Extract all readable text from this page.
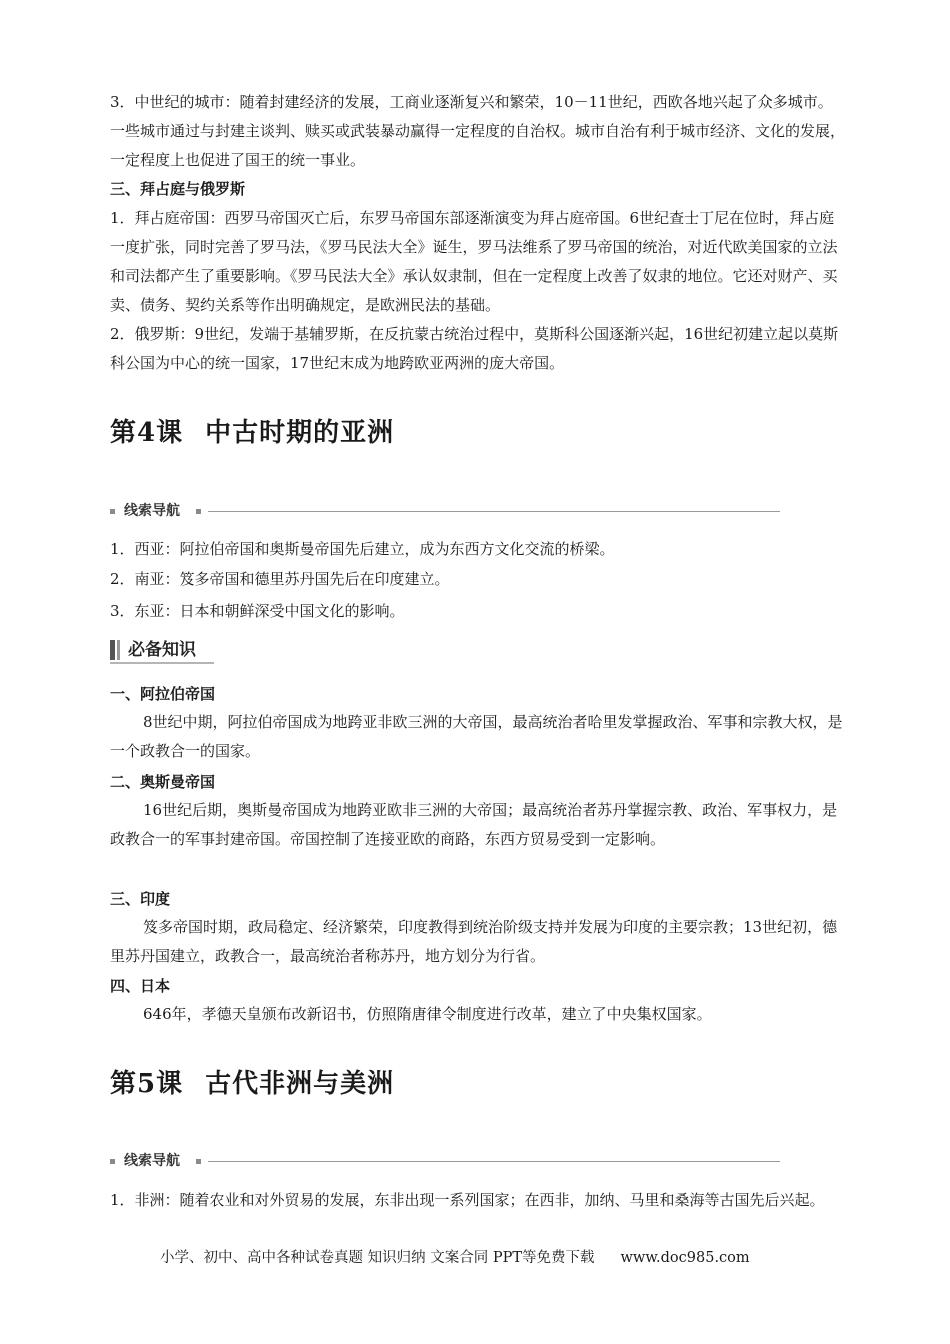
3．中世纪的城市：随着封建经济的发展，工商业逐渐复兴和繁荣，10－11世纪，西欧各地兴起了众多城市。一些城市通过与封建主谈判、赎买或武装暴动赢得一定程度的自治权。城市自治有利于城市经济、文化的发展，一定程度上也促进了国王的统一事业。
三、拜占庭与俄罗斯
1．拜占庭帝国：西罗马帝国灭亡后，东罗马帝国东部逐渐演变为拜占庭帝国。6世纪查士丁尼在位时，拜占庭一度扩张，同时完善了罗马法，《罗马民法大全》诞生，罗马法维系了罗马帝国的统治，对近代欧美国家的立法和司法都产生了重要影响。《罗马民法大全》承认奴隶制，但在一定程度上改善了奴隶的地位。它还对财产、买卖、债务、契约关系等作出明确规定，是欧洲民法的基础。
2．俄罗斯：9世纪，发端于基辅罗斯，在反抗蒙古统治过程中，莫斯科公国逐渐兴起，16世纪初建立起以莫斯科公国为中心的统一国家，17世纪末成为地跨欧亚两洲的庞大帝国。
第4课 中古时期的亚洲
线索导航
1．西亚：阿拉伯帝国和奥斯曼帝国先后建立，成为东西方文化交流的桥梁。
2．南亚：笈多帝国和德里苏丹国先后在印度建立。
3．东亚：日本和朝鲜深受中国文化的影响。
必备知识
一、阿拉伯帝国
8世纪中期，阿拉伯帝国成为地跨亚非欧三洲的大帝国，最高统治者哈里发掌握政治、军事和宗教大权，是一个政教合一的国家。
二、奥斯曼帝国
16世纪后期，奥斯曼帝国成为地跨亚欧非三洲的大帝国；最高统治者苏丹掌握宗教、政治、军事权力，是政教合一的军事封建帝国。帝国控制了连接亚欧的商路，东西方贸易受到一定影响。
三、印度
笈多帝国时期，政局稳定、经济繁荣，印度教得到统治阶级支持并发展为印度的主要宗教；13世纪初，德里苏丹国建立，政教合一，最高统治者称苏丹，地方划分为行省。
四、日本
646年，孝德天皇颁布改新诏书，仿照隋唐律令制度进行改革，建立了中央集权国家。
第5课 古代非洲与美洲
线索导航
1．非洲：随着农业和对外贸易的发展，东非出现一系列国家；在西非，加纳、马里和桑海等古国先后兴起。
小学、初中、高中各种试卷真题 知识归纳 文案合同 PPT等免费下载 www.doc985.com
